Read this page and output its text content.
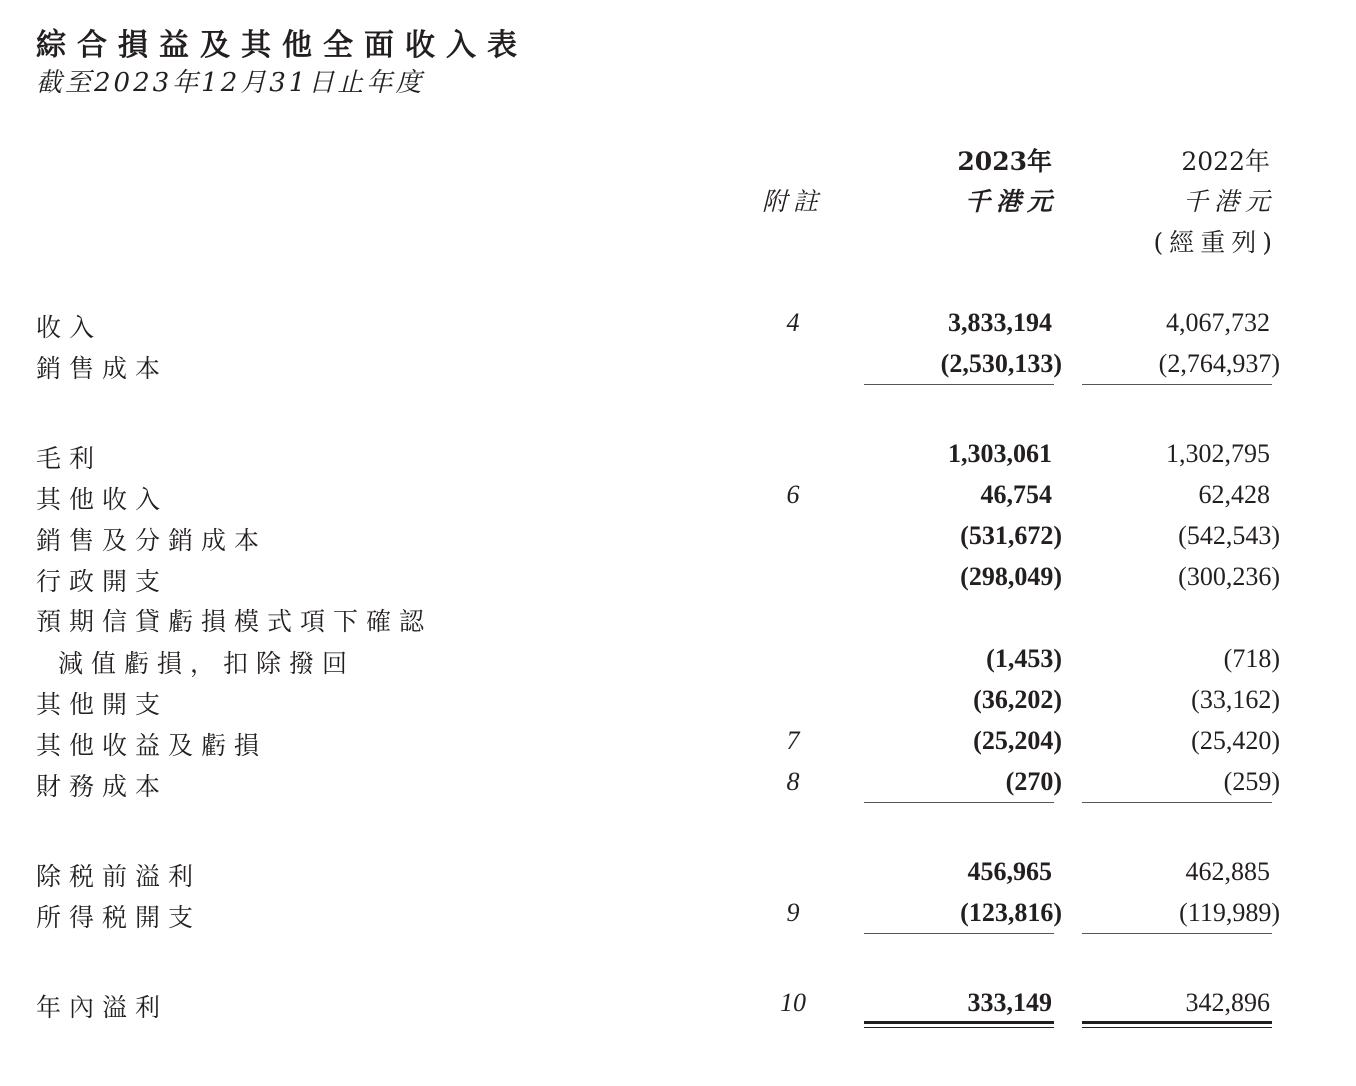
綜合損益及其他全面收入表
截至2023年12月31日止年度
2023年
千港元
2022年
千港元
(經重列)
附註
收入	4	3,833,194	4,067,732
銷售成本	(2,530,133)	(2,764,937)
毛利	1,303,061	1,302,795
其他收入	6	46,754	62,428
銷售及分銷成本	(531,672)	(542,543)
行政開支	(298,049)	(300,236)
預期信貸虧損模式項下確認
減值虧損，扣除撥回	(1,453)	(718)
其他開支	(36,202)	(33,162)
其他收益及虧損	7	(25,204)	(25,420)
財務成本	8	(270)	(259)
除税前溢利	456,965	462,885
所得税開支	9	(123,816)	(119,989)
年內溢利	10	333,149	342,896
